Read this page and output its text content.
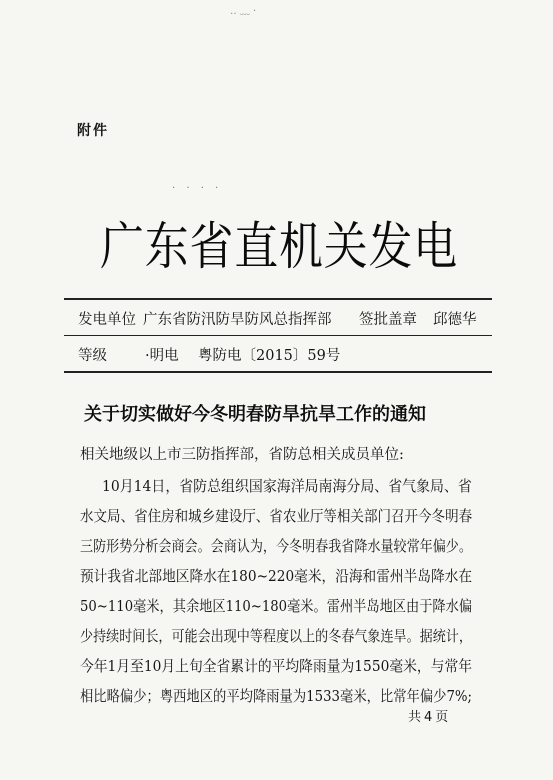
‥ ﹏ ·
附件
· · · ·
广东省直机关发电
发电单位 广东省防汛防旱防风总指挥部 签批盖章 邱德华
等级	·明电 粤防电〔2015〕59号
关于切实做好今冬明春防旱抗旱工作的通知
相关地级以上市三防指挥部，省防总相关成员单位:
10月14日，省防总组织国家海洋局南海分局、省气象局、省
水文局、省住房和城乡建设厅、省农业厅等相关部门召开今冬明春
三防形势分析会商会。会商认为，今冬明春我省降水量较常年偏少。
预计我省北部地区降水在180~220毫米，沿海和雷州半岛降水在
50~110毫米，其余地区110~180毫米。雷州半岛地区由于降水偏
少持续时间长，可能会出现中等程度以上的冬春气象连旱。据统计，
今年1月至10月上旬全省累计的平均降雨量为1550毫米，与常年
相比略偏少；粤西地区的平均降雨量为1533毫米，比常年偏少7%;
共4页
